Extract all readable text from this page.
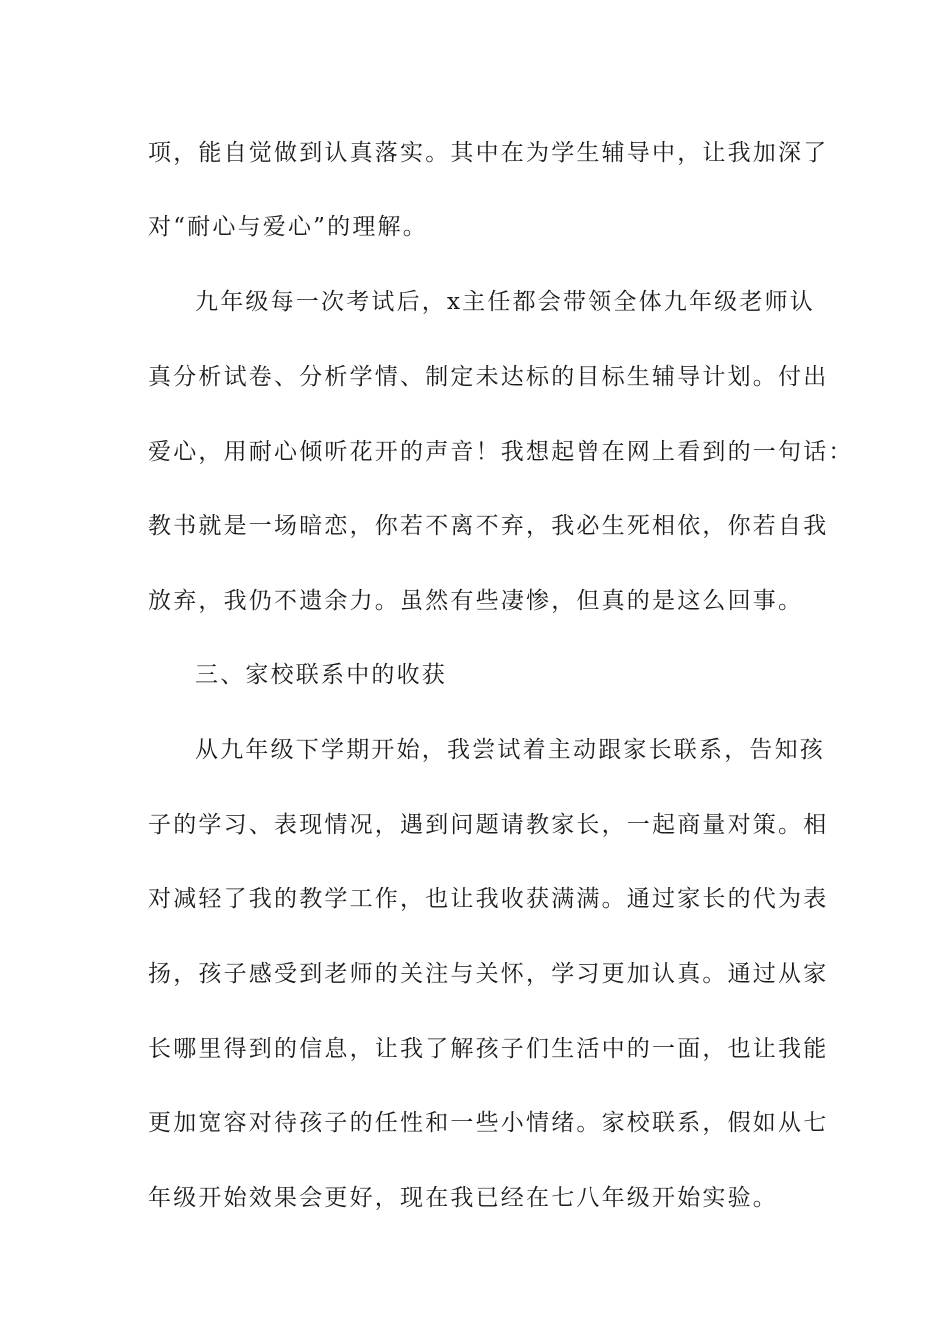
项，能自觉做到认真落实。其中在为学生辅导中，让我加深了
对“耐心与爱心”的理解。
九年级每一次考试后，x主任都会带领全体九年级老师认
真分析试卷、分析学情、制定未达标的目标生辅导计划。付出
爱心，用耐心倾听花开的声音！我想起曾在网上看到的一句话：
教书就是一场暗恋，你若不离不弃，我必生死相依，你若自我
放弃，我仍不遗余力。虽然有些凄惨，但真的是这么回事。
三、家校联系中的收获
从九年级下学期开始，我尝试着主动跟家长联系，告知孩
子的学习、表现情况，遇到问题请教家长，一起商量对策。相
对减轻了我的教学工作，也让我收获满满。通过家长的代为表
扬，孩子感受到老师的关注与关怀，学习更加认真。通过从家
长哪里得到的信息，让我了解孩子们生活中的一面，也让我能
更加宽容对待孩子的任性和一些小情绪。家校联系，假如从七
年级开始效果会更好，现在我已经在七八年级开始实验。
